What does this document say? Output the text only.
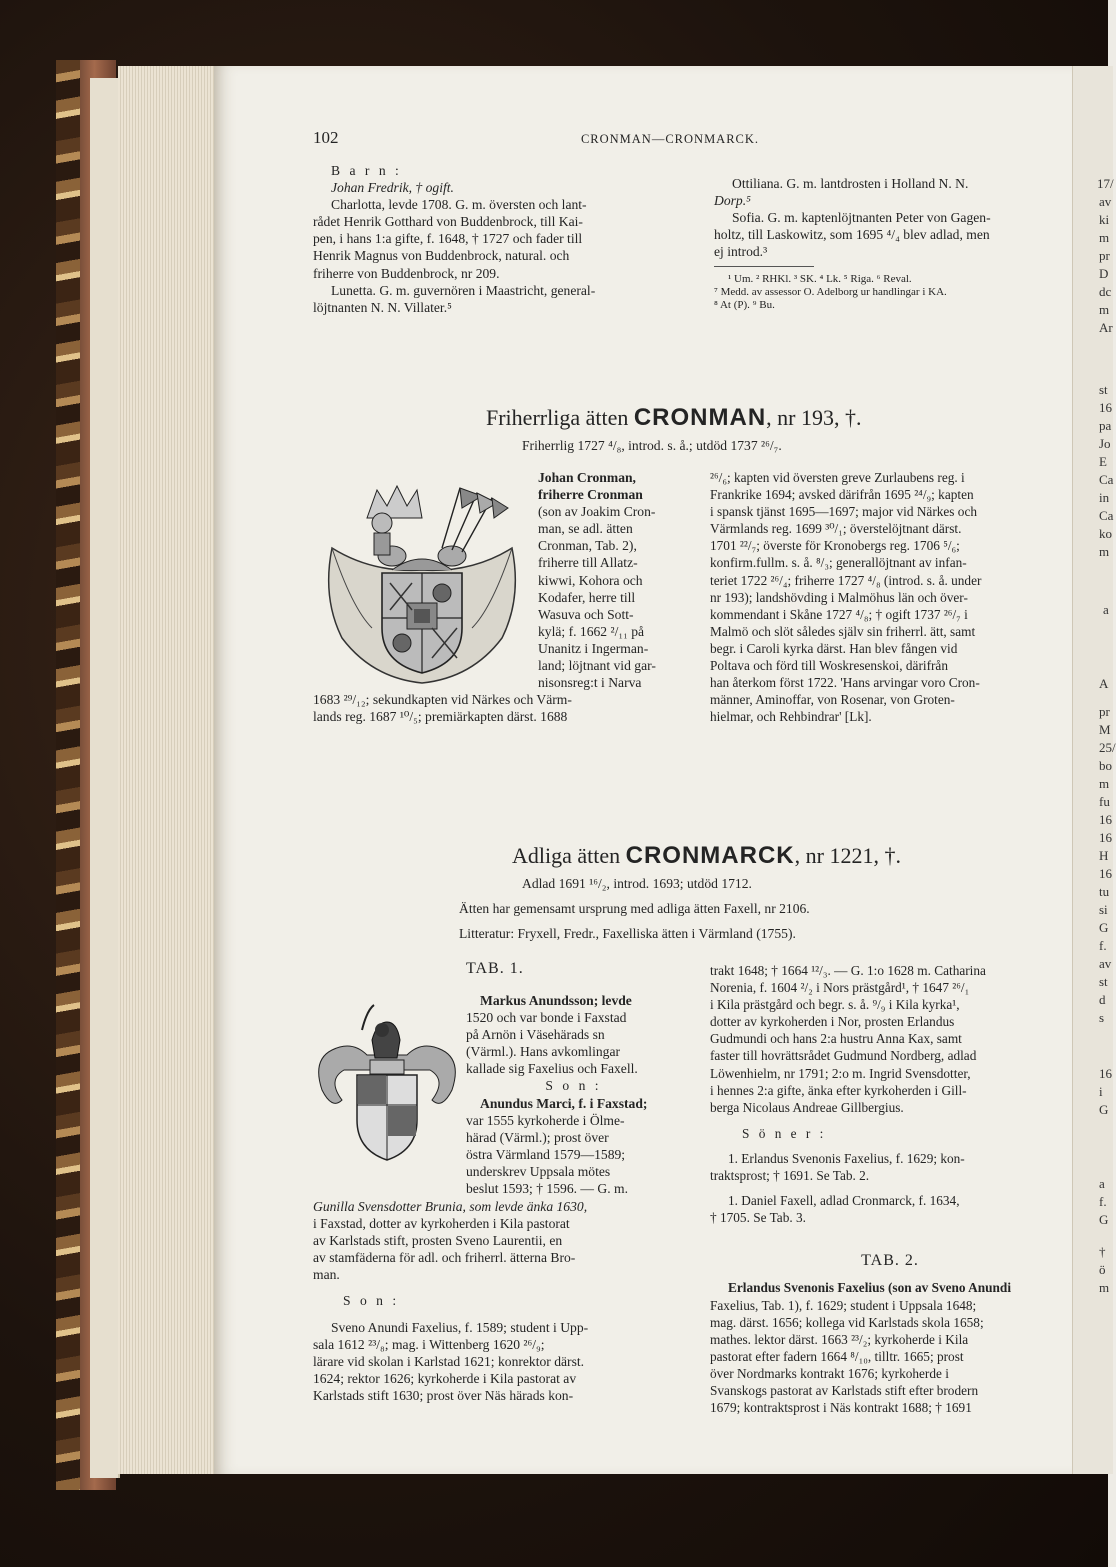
17/
av
ki
m
pr
D
dc
m
Ar
st
16
pa
Jo
E
Ca
in
Ca
ko
m
a
A
pr
M
25/
bo
m
fu
16
16
H
16
tu
si
G
f.
av
st
d
s
16
i
G
a
f.
G
†
ö
m
102	CRONMAN—CRONMARCK.

B a r n :

Johan Fredrik, † ogift.

Charlotta, levde 1708. G. m. översten och lant-

rådet Henrik Gotthard von Buddenbrock, till Kai-

pen, i hans 1:a gifte, f. 1648, † 1727 och fader till

Henrik Magnus von Buddenbrock, natural. och

friherre von Buddenbrock, nr 209.

Lunetta. G. m. guvernören i Maastricht, general-

löjtnanten N. N. Villater.⁵

Ottiliana. G. m. lantdrosten i Holland N. N.

Dorp.⁵

Sofia. G. m. kaptenlöjtnanten Peter von Gagen-

holtz, till Laskowitz, som 1695 ⁴/₄ blev adlad, men

ej introd.³

¹ Um. ² RHKl. ³ SK. ⁴ Lk. ⁵ Riga. ⁶ Reval.

⁷ Medd. av assessor O. Adelborg ur handlingar i KA.

⁸ At (P). ⁹ Bu.

Friherrliga ätten CRONMAN, nr 193, †.
Friherrlig 1727 ⁴/₈, introd. s. å.; utdöd 1737 ²⁶/₇.

Johan Cronman,

friherre Cronman

(son av Joakim Cron-

man, se adl. ätten

Cronman, Tab. 2),

friherre till Allatz-

kiwwi, Kohora och

Kodafer, herre till

Wasuva och Sott-

kylä; f. 1662 ²/₁₁ på

Unanitz i Ingerman-

land; löjtnant vid gar-

nisonsreg:t i Narva

1683 ²⁹/₁₂; sekundkapten vid Närkes och Värm-

lands reg. 1687 ¹⁰/₅; premiärkapten därst. 1688

²⁶/₆; kapten vid översten greve Zurlaubens reg. i

Frankrike 1694; avsked därifrån 1695 ²⁴/₉; kapten

i spansk tjänst 1695—1697; major vid Närkes och

Värmlands reg. 1699 ³⁰/₁; överstelöjtnant därst.

1701 ²²/₇; överste för Kronobergs reg. 1706 ⁵/₆;

konfirm.fullm. s. å. ⁸/₃; generallöjtnant av infan-

teriet 1722 ²⁶/₄; friherre 1727 ⁴/₈ (introd. s. å. under

nr 193); landshövding i Malmöhus län och över-

kommendant i Skåne 1727 ⁴/₈; † ogift 1737 ²⁶/₇ i

Malmö och slöt således själv sin friherrl. ätt, samt

begr. i Caroli kyrka därst. Han blev fången vid

Poltava och förd till Woskresenskoi, därifrån

han återkom först 1722. 'Hans arvingar voro Cron-

männer, Aminoffar, von Rosenar, von Groten-

hielmar, och Rehbindrar' [Lk].

Adliga ätten CRONMARCK, nr 1221, †.
Adlad 1691 ¹⁶/₂, introd. 1693; utdöd 1712.
Ätten har gemensamt ursprung med adliga ätten Faxell, nr 2106.
Litteratur: Fryxell, Fredr., Faxelliska ätten i Värmland (1755).
TAB. 1.

Markus Anundsson; levde

1520 och var bonde i Faxstad

på Arnön i Väsehärads sn

(Värml.). Hans avkomlingar

kallade sig Faxelius och Faxell.

S o n :

Anundus Marci, f. i Faxstad;

var 1555 kyrkoherde i Ölme-

härad (Värml.); prost över

östra Värmland 1579—1589;

underskrev Uppsala mötes

beslut 1593; † 1596. — G. m.

Gunilla Svensdotter Brunia, som levde änka 1630,

i Faxstad, dotter av kyrkoherden i Kila pastorat

av Karlstads stift, prosten Sveno Laurentii, en

av stamfäderna för adl. och friherrl. ätterna Bro-

man.

S o n :

Sveno Anundi Faxelius, f. 1589; student i Upp-

sala 1612 ²³/₈; mag. i Wittenberg 1620 ²⁶/₉;

lärare vid skolan i Karlstad 1621; konrektor därst.

1624; rektor 1626; kyrkoherde i Kila pastorat av

Karlstads stift 1630; prost över Näs härads kon-

trakt 1648; † 1664 ¹²/₃. — G. 1:o 1628 m. Catharina

Norenia, f. 1604 ²/₂ i Nors prästgård¹, † 1647 ²⁶/₁

i Kila prästgård och begr. s. å. ⁹/₉ i Kila kyrka¹,

dotter av kyrkoherden i Nor, prosten Erlandus

Gudmundi och hans 2:a hustru Anna Kax, samt

faster till hovrättsrådet Gudmund Nordberg, adlad

Löwenhielm, nr 1791; 2:o m. Ingrid Svensdotter,

i hennes 2:a gifte, änka efter kyrkoherden i Gill-

berga Nicolaus Andreae Gillbergius.

S ö n e r :

1. Erlandus Svenonis Faxelius, f. 1629; kon-

traktsprost; † 1691. Se Tab. 2.

1. Daniel Faxell, adlad Cronmarck, f. 1634,

† 1705. Se Tab. 3.

TAB. 2.

Erlandus Svenonis Faxelius (son av Sveno Anundi

Faxelius, Tab. 1), f. 1629; student i Uppsala 1648;

mag. därst. 1656; kollega vid Karlstads skola 1658;

mathes. lektor därst. 1663 ²³/₂; kyrkoherde i Kila

pastorat efter fadern 1664 ⁸/₁₀, tilltr. 1665; prost

över Nordmarks kontrakt 1676; kyrkoherde i

Svanskogs pastorat av Karlstads stift efter brodern

1679; kontraktsprost i Näs kontrakt 1688; † 1691
